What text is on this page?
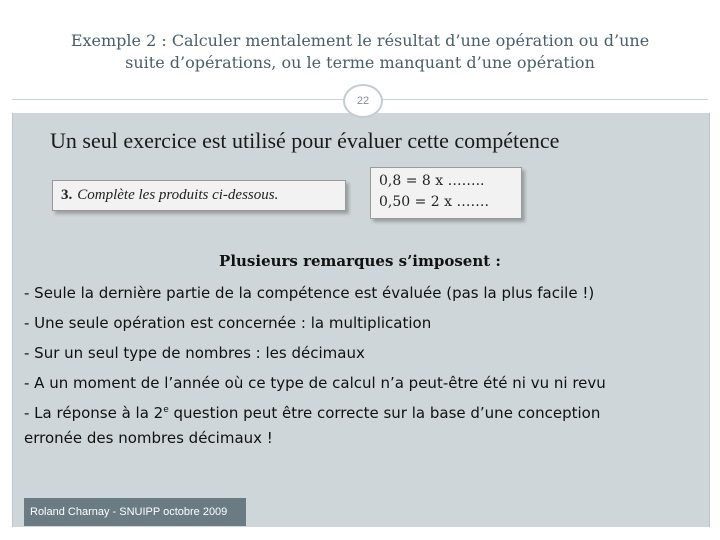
Exemple 2 : Calculer mentalement le résultat d’une opération ou d’une
suite d’opérations, ou le terme manquant d’une opération
22
Un seul exercice est utilisé pour évaluer cette compétence
3. Complète les produits ci-dessous.
0,8 = 8 x ……..
0,50 = 2 x …….
Plusieurs remarques s’imposent :
- Seule la dernière partie de la compétence est évaluée (pas la plus facile !)
- Une seule opération est concernée : la multiplication
- Sur un seul type de nombres : les décimaux
- A un moment de l’année où ce type de calcul n’a peut-être été ni vu ni revu
- La réponse à la 2e question peut être correcte sur la base d’une conception
erronée des nombres décimaux !
Roland Charnay - SNUIPP octobre 2009
